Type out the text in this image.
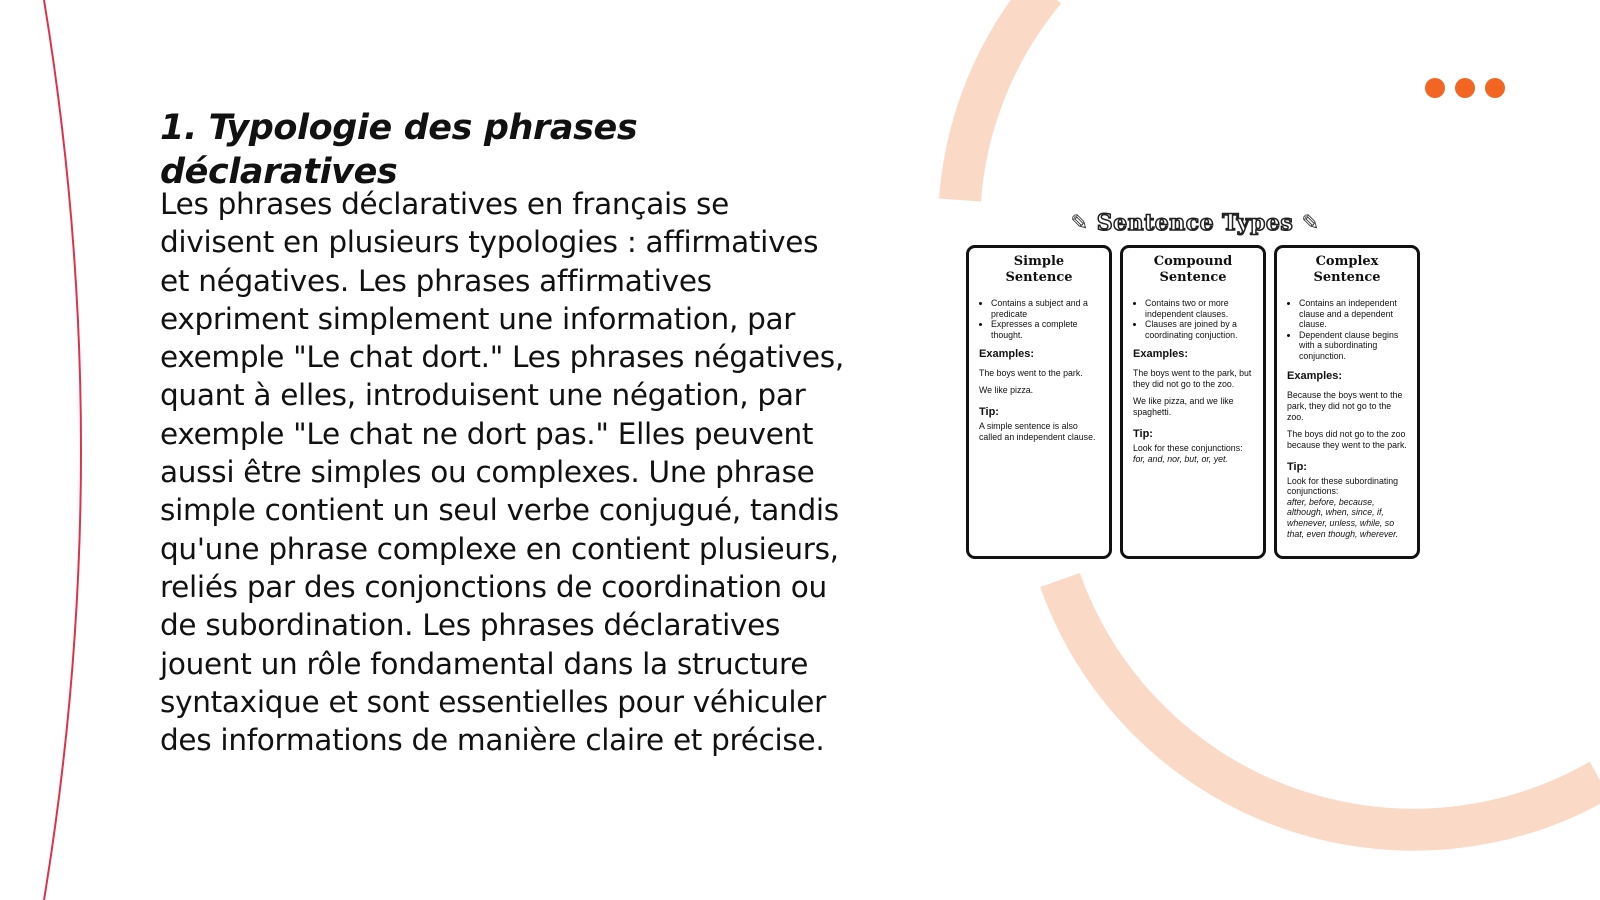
1. Typologie des phrases déclaratives

Les phrases déclaratives en français se divisent en plusieurs typologies : affirmatives et négatives. Les phrases affirmatives expriment simplement une information, par exemple "Le chat dort." Les phrases négatives, quant à elles, introduisent une négation, par exemple "Le chat ne dort pas." Elles peuvent aussi être simples ou complexes. Une phrase simple contient un seul verbe conjugué, tandis qu'une phrase complexe en contient plusieurs, reliés par des conjonctions de coordination ou de subordination. Les phrases déclaratives jouent un rôle fondamental dans la structure syntaxique et sont essentielles pour véhiculer des informations de manière claire et précise.

✎ Sentence Types ✎
Simple Sentence
• Contains a subject and a predicate
• Expresses a complete thought.
Examples:

The boys went to the park.

We like pizza.

Tip:
A simple sentence is also called an independent clause.
Compound Sentence
• Contains two or more independent clauses.
• Clauses are joined by a coordinating conjuction.
Examples:

The boys went to the park, but they did not go to the zoo.

We like pizza, and we like spaghetti.

Tip:
Look for these conjunctions:
for, and, nor, but, or, yet.
Complex Sentence
• Contains an independent clause and a dependent clause.
• Dependent clause begins with a subordinating conjunction.
Examples:

Because the boys went to the park, they did not go to the zoo.

The boys did not go to the zoo because they went to the park.

Tip:
Look for these subordinating conjunctions:
after, before, because, although, when, since, if, whenever, unless, while, so that, even though, wherever.
